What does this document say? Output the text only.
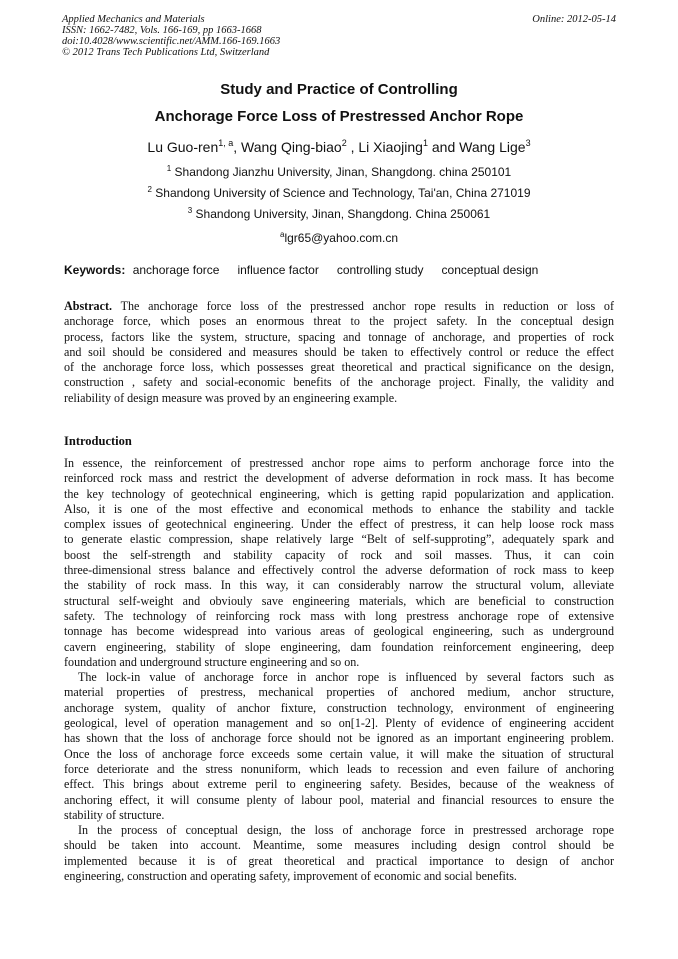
Applied Mechanics and Materials
ISSN: 1662-7482, Vols. 166-169, pp 1663-1668
doi:10.4028/www.scientific.net/AMM.166-169.1663
© 2012 Trans Tech Publications Ltd, Switzerland
Online: 2012-05-14
Study and Practice of Controlling
Anchorage Force Loss of Prestressed Anchor Rope
Lu Guo-ren$^{1, a}$, Wang Qing-biao$^2$ , Li Xiaojing$^1$ and Wang Lige$^3$
$^1$ Shandong Jianzhu University, Jinan, Shangdong. china 250101
$^2$ Shandong University of Science and Technology, Tai'an, China 271019
$^3$ Shandong University, Jinan, Shangdong. China 250061
$^a$lgr65@yahoo.com.cn
Keywords: anchorage force influence factor controlling study conceptual design
Abstract. The anchorage force loss of the prestressed anchor rope results in reduction or loss of
anchorage force, which poses an enormous threat to the project safety. In the conceptual design
process, factors like the system, structure, spacing and tonnage of anchorage, and properties of rock
and soil should be considered and measures should be taken to effectively control or reduce the effect
of the anchorage force loss, which possesses great theoretical and practical significance on the design,
construction , safety and social-economic benefits of the anchorage project. Finally, the validity and
reliability of design measure was proved by an engineering example.
Introduction
In essence, the reinforcement of prestressed anchor rope aims to perform anchorage force into the
reinforced rock mass and restrict the development of adverse deformation in rock mass. It has become
the key technology of geotechnical engineering, which is getting rapid popularization and application.
Also, it is one of the most effective and economical methods to enhance the stability and tackle
complex issues of geotechnical engineering. Under the effect of prestress, it can help loose rock mass
to generate elastic compression, shape relatively large “Belt of self-supproting”, adequately spark and
boost the self-strength and stability capacity of rock and soil masses. Thus, it can coin
three-dimensional stress balance and effectively control the adverse deformation of rock mass to keep
the stability of rock mass. In this way, it can considerably narrow the structural volum, alleviate
structural self-weight and obviouly save engineering materials, which are beneficial to construction
safety. The technology of reinforcing rock mass with long prestress anchorage rope of extensive
tonnage has become widespread into various areas of geological engineering, such as underground
cavern engineering, stability of slope engineering, dam foundation reinforcement engineering, deep
foundation and underground structure engineering and so on.
The lock-in value of anchorage force in anchor rope is influenced by several factors such as
material properties of prestress, mechanical properties of anchored medium, anchor structure,
anchorage system, quality of anchor fixture, construction technology, environment of engineering
geological, level of operation management and so on[1-2]. Plenty of evidence of engineering accident
has shown that the loss of anchorage force should not be ignored as an important engineering problem.
Once the loss of anchorage force exceeds some certain value, it will make the situation of structural
force deteriorate and the stress nonuniform, which leads to recession and even failure of anchoring
effect. This brings about extreme peril to engineering safety. Besides, because of the weakness of
anchoring effect, it will consume plenty of labour pool, material and financial resources to ensure the
stability of structure.
In the process of conceptual design, the loss of anchorage force in prestressed archorage rope
should be taken into account. Meantime, some measures including design control should be
implemented because it is of great theoretical and practical importance to design of anchor
engineering, construction and operating safety, improvement of economic and social benefits.
